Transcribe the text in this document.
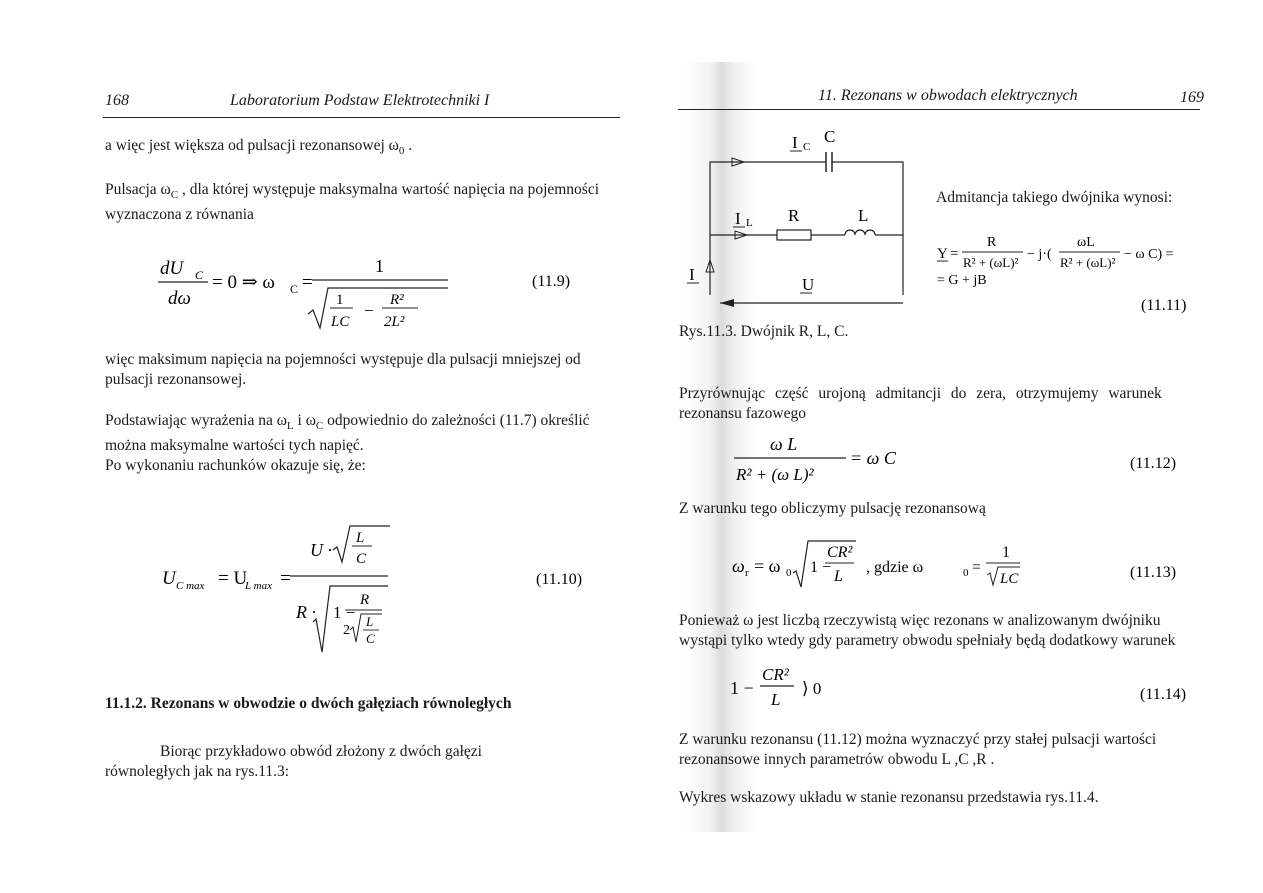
168	Laboratorium Podstaw Elektrotechniki I
a więc jest większa od pulsacji rezonansowej $\omega_0$ .
Pulsacja $\omega_C$ , dla której występuje maksymalna wartość napięcia na pojemności
wyznaczona z równania
dU C
dω
= 0 ⇒ ω C =
1
1
LC
−
R²
2L²
(11.9)
więc maksimum napięcia na pojemności występuje dla pulsacji mniejszej od
pulsacji rezonansowej.
Podstawiając wyrażenia na $\omega_L$ i $\omega_C$ odpowiednio do zależności (11.7) określić
można maksymalne wartości tych napięć.
Po wykonaniu rachunków okazuje się, że:
U C max = U
L max =
U ·
L
C
R · 1 −
R
2
L
C
(11.10)
11.1.2. Rezonans w obwodzie o dwóch gałęziach równoległych
Biorąc przykładowo obwód złożony z dwóch gałęzi
równoległych jak na rys.11.3:
11. Rezonans w obwodach elektrycznych	169
I C
C
I L R	L
I
U
Admitancja takiego dwójnika wynosi:
Y =
R
R² + (ωL)²
− j·(
ωL
R² + (ωL)²
− ω C) =
= G + jB
(11.11)
Rys.11.3. Dwójnik R, L, C.
Przyrównując część urojoną admitancji do zera, otrzymujemy warunek
rezonansu fazowego
ω L
R² + (ω L)²
= ω C	(11.12)
Z warunku tego obliczymy pulsację rezonansową
ω r = ω 0 1 −
CR²
L
, gdzie ω	0 =
1
LC	(11.13)
Ponieważ ω jest liczbą rzeczywistą więc rezonans w analizowanym dwójniku
wystąpi tylko wtedy gdy parametry obwodu spełniały będą dodatkowy warunek
1 −
CR²
L
⟩ 0	(11.14)
Z warunku rezonansu (11.12) można wyznaczyć przy stałej pulsacji wartości
rezonansowe innych parametrów obwodu L ,C ,R .
Wykres wskazowy układu w stanie rezonansu przedstawia rys.11.4.
